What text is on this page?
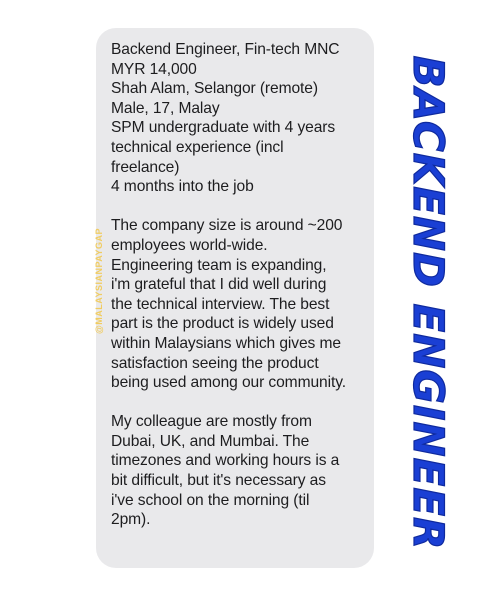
Backend Engineer, Fin-tech MNC
MYR 14,000
Shah Alam, Selangor (remote)
Male, 17, Malay
SPM undergraduate with 4 years
technical experience (incl
freelance)
4 months into the job
The company size is around ~200
employees world-wide.
Engineering team is expanding,
i'm grateful that I did well during
the technical interview. The best
part is the product is widely used
within Malaysians which gives me
satisfaction seeing the product
being used among our community.
My colleague are mostly from
Dubai, UK, and Mumbai. The
timezones and working hours is a
bit difficult, but it's necessary as
i've school on the morning (til
2pm).
@MALAYSIANPAYGAP	BACKEND ENGINEER
